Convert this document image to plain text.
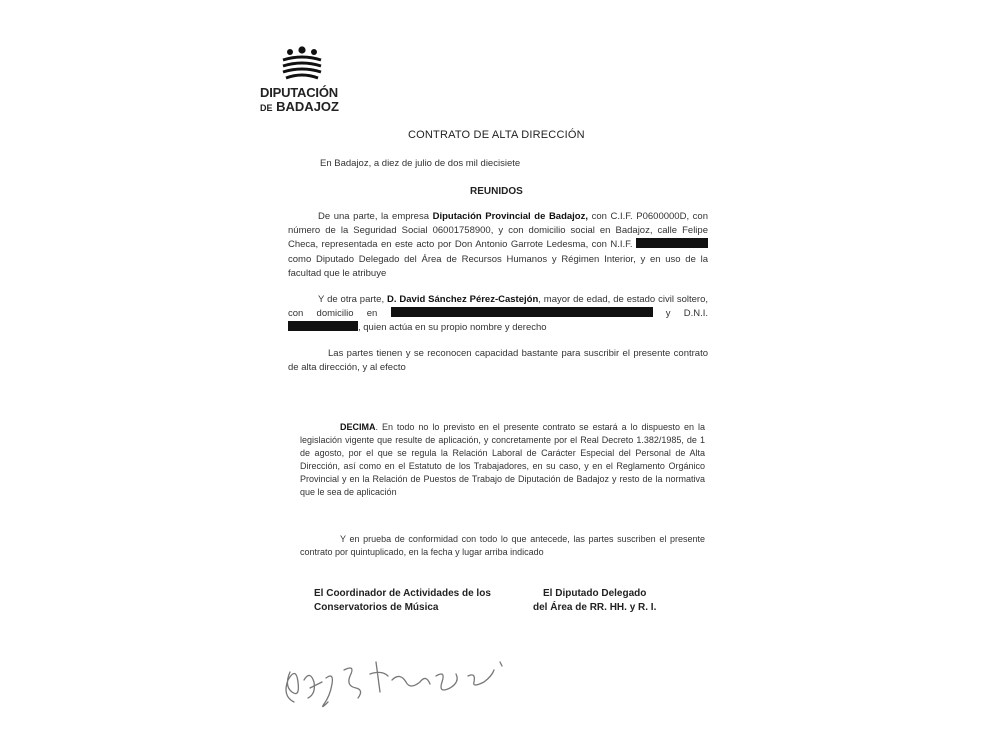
DIPUTACIÓN
DE BADAJOZ
CONTRATO DE ALTA DIRECCIÓN
En Badajoz, a diez de julio de dos mil diecisiete
REUNIDOS
De una parte, la empresa Diputación Provincial de Badajoz, con C.I.F. P0600000D, con número de la Seguridad Social 06001758900, y con domicilio social en Badajoz, calle Felipe Checa, representada en este acto por Don Antonio Garrote Ledesma, con N.I.F.  como Diputado Delegado del Área de Recursos Humanos y Régimen Interior, y en uso de la facultad que le atribuye
Y de otra parte, D. David Sánchez Pérez-Castejón, mayor de edad, de estado civil soltero, con domicilio en	y D.N.I. , quien actúa en su propio nombre y derecho
Las partes tienen y se reconocen capacidad bastante para suscribir el presente contrato de alta dirección, y al efecto
DECIMA. En todo no lo previsto en el presente contrato se estará a lo dispuesto en la legislación vigente que resulte de aplicación, y concretamente por el Real Decreto 1.382/1985, de 1 de agosto, por el que se regula la Relación Laboral de Carácter Especial del Personal de Alta Dirección, así como en el Estatuto de los Trabajadores, en su caso, y en el Reglamento Orgánico Provincial y en la Relación de Puestos de Trabajo de Diputación de Badajoz y resto de la normativa que le sea de aplicación
Y en prueba de conformidad con todo lo que antecede, las partes suscriben el presente contrato por quintuplicado, en la fecha y lugar arriba indicado
El Coordinador de Actividades de los
Conservatorios de Música
El Diputado Delegado
del Área de RR. HH. y R. I.
